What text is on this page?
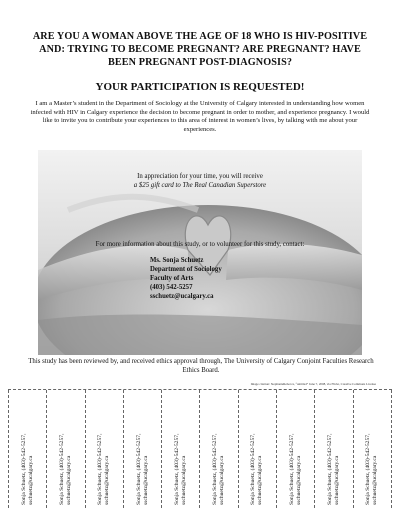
ARE YOU A WOMAN ABOVE THE AGE OF 18 WHO IS HIV-POSITIVE AND: TRYING TO BECOME PREGNANT? ARE PREGNANT? HAVE BEEN PREGNANT POST-DIAGNOSIS?
YOUR PARTICIPATION IS REQUESTED!
I am a Master’s student in the Department of Sociology at the University of Calgary interested in understanding how women infected with HIV in Calgary experience the decision to become pregnant in order to mother, and experience pregnancy. I would like to invite you to contribute your experiences to this area of interest in women’s lives, by talking with me about your experiences.
In appreciation for your time, you will receive
a $25 gift card to The Real Canadian Superstore
For more information about this study, or to volunteer for this study, contact:
Ms. Sonja Schuetz
Department of Sociology
Faculty of Arts
(403) 542-5257
sschuetz@ucalgary.ca
This study has been reviewed by, and received ethics approval through, The University of Calgary Conjoint Faculties Research Ethics Board.
Image citation: StephanieRebecca, “untitled” June 7, 2008, via Flickr, Creative Commons License
Sonja Schuetz, (403)-542-5257, sschuetz@ucalgary.ca	Sonja Schuetz, (403)-542-5257, sschuetz@ucalgary.ca	Sonja Schuetz, (403)-542-5257, sschuetz@ucalgary.ca	Sonja Schuetz, (403)-542-5257, sschuetz@ucalgary.ca	Sonja Schuetz, (403)-542-5257, sschuetz@ucalgary.ca	Sonja Schuetz, (403)-542-5257, sschuetz@ucalgary.ca	Sonja Schuetz, (403)-542-5257, sschuetz@ucalgary.ca	Sonja Schuetz, (403)-542-5257, sschuetz@ucalgary.ca	Sonja Schuetz, (403)-542-5257, sschuetz@ucalgary.ca	Sonja Schuetz, (403)-542-5257, sschuetz@ucalgary.ca
